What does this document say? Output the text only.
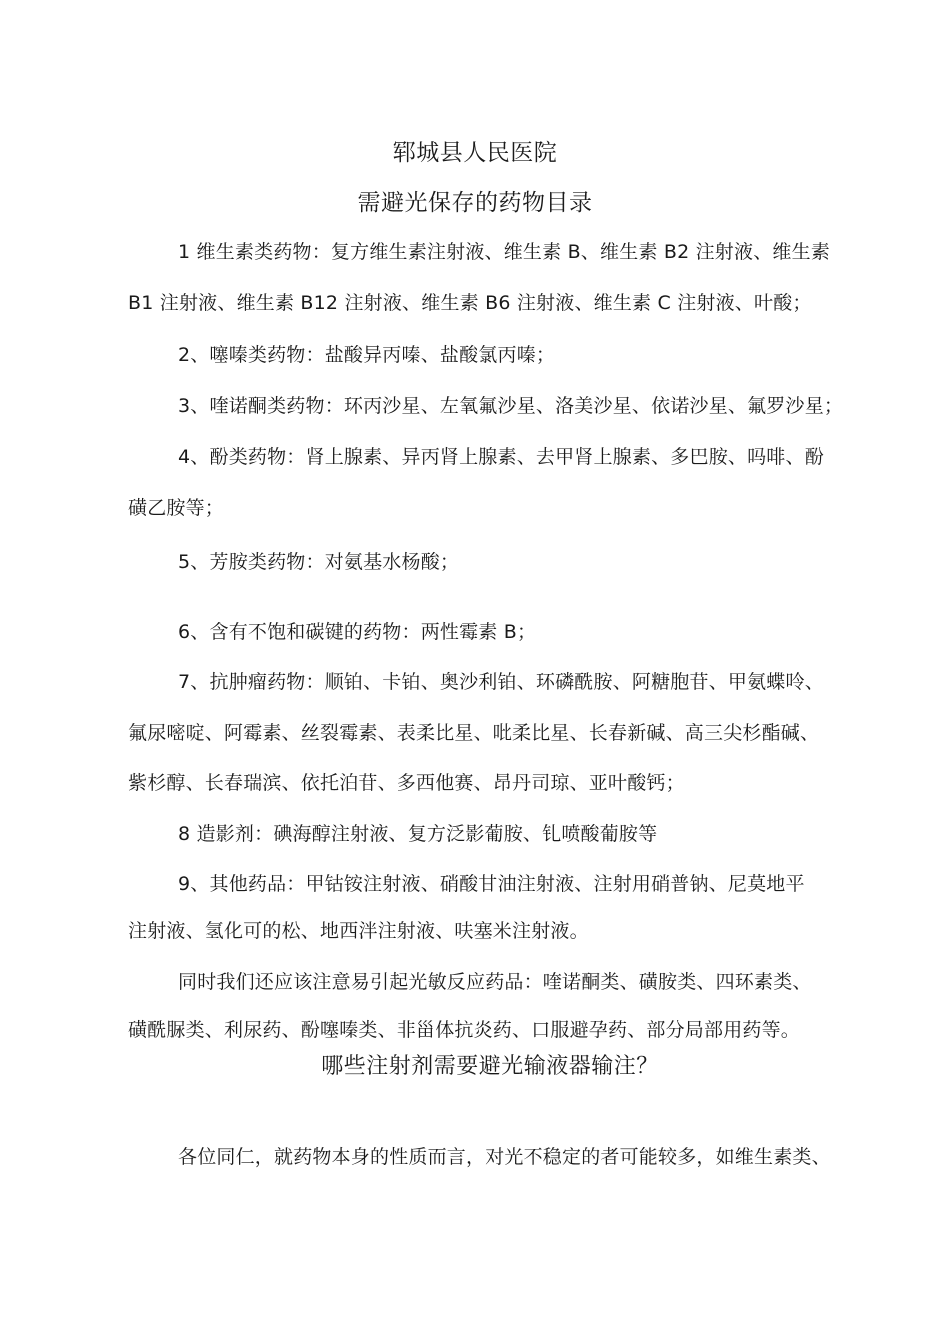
郓城县人民医院
需避光保存的药物目录
1 维生素类药物：复方维生素注射液、维生素 B、维生素 B2 注射液、维生素
B1 注射液、维生素 B12 注射液、维生素 B6 注射液、维生素 C 注射液、叶酸；
2、噻嗪类药物：盐酸异丙嗪、盐酸氯丙嗪；
3、喹诺酮类药物：环丙沙星、左氧氟沙星、洛美沙星、依诺沙星、氟罗沙星；
4、酚类药物：肾上腺素、异丙肾上腺素、去甲肾上腺素、多巴胺、吗啡、酚
磺乙胺等；
5、芳胺类药物：对氨基水杨酸；
6、含有不饱和碳键的药物：两性霉素 B；
7、抗肿瘤药物：顺铂、卡铂、奥沙利铂、环磷酰胺、阿糖胞苷、甲氨蝶呤、
氟尿嘧啶、阿霉素、丝裂霉素、表柔比星、吡柔比星、长春新碱、高三尖杉酯碱、
紫杉醇、长春瑞滨、依托泊苷、多西他赛、昂丹司琼、亚叶酸钙；
8 造影剂：碘海醇注射液、复方泛影葡胺、钆喷酸葡胺等
9、其他药品：甲钴铵注射液、硝酸甘油注射液、注射用硝普钠、尼莫地平
注射液、氢化可的松、地西泮注射液、呋塞米注射液。
同时我们还应该注意易引起光敏反应药品：喹诺酮类、磺胺类、四环素类、
磺酰脲类、利尿药、酚噻嗪类、非甾体抗炎药、口服避孕药、部分局部用药等。
哪些注射剂需要避光输液器输注？
各位同仁，就药物本身的性质而言，对光不稳定的者可能较多，如维生素类、
